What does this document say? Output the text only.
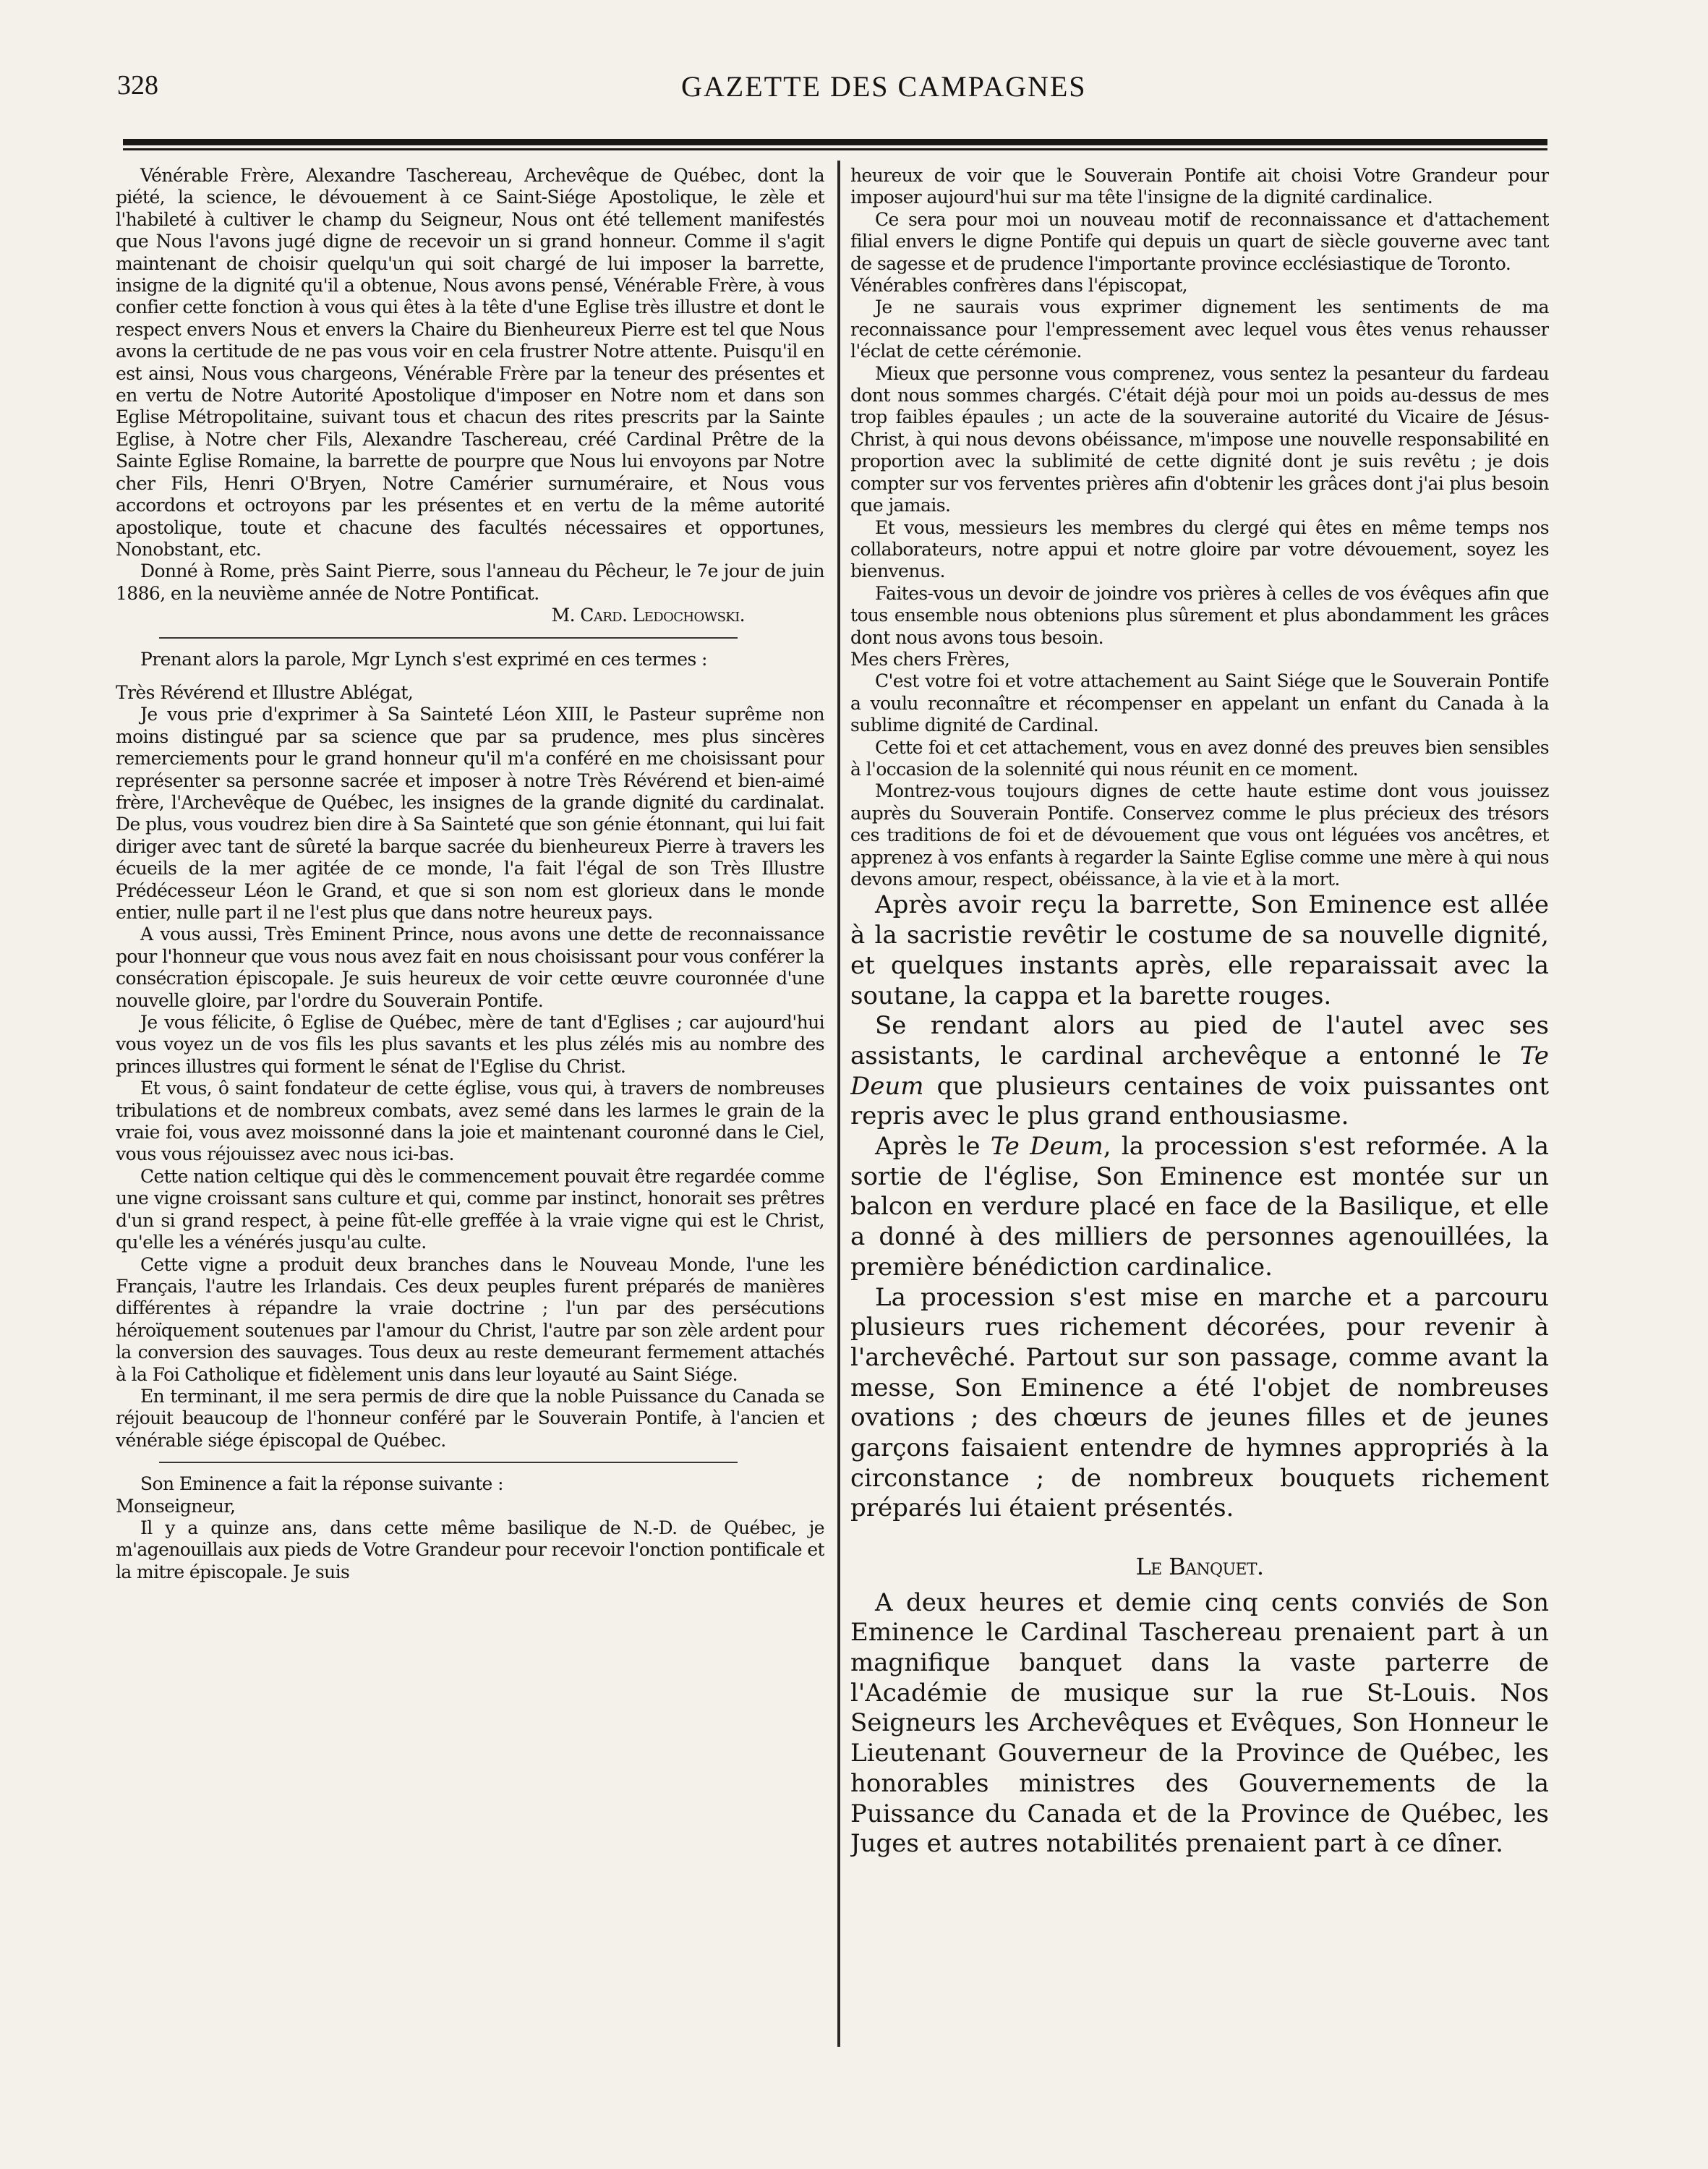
328	GAZETTE DES CAMPAGNES

Vénérable Frère, Alexandre Taschereau, Archevêque de Québec, dont la piété, la science, le dévouement à ce Saint-Siége Apostolique, le zèle et l'habileté à cultiver le champ du Seigneur, Nous ont été tellement manifestés que Nous l'avons jugé digne de recevoir un si grand honneur. Comme il s'agit maintenant de choisir quelqu'un qui soit chargé de lui imposer la barrette, insigne de la dignité qu'il a obtenue, Nous avons pensé, Vénérable Frère, à vous confier cette fonction à vous qui êtes à la tête d'une Eglise très illustre et dont le respect envers Nous et envers la Chaire du Bienheureux Pierre est tel que Nous avons la certitude de ne pas vous voir en cela frustrer Notre attente. Puisqu'il en est ainsi, Nous vous chargeons, Vénérable Frère par la teneur des présentes et en vertu de Notre Autorité Apostolique d'imposer en Notre nom et dans son Eglise Métropolitaine, suivant tous et chacun des rites prescrits par la Sainte Eglise, à Notre cher Fils, Alexandre Taschereau, créé Cardinal Prêtre de la Sainte Eglise Romaine, la barrette de pourpre que Nous lui envoyons par Notre cher Fils, Henri O'Bryen, Notre Camérier surnuméraire, et Nous vous accordons et octroyons par les présentes et en vertu de la même autorité apostolique, toute et chacune des facultés nécessaires et opportunes, Nonobstant, etc.

Donné à Rome, près Saint Pierre, sous l'anneau du Pêcheur, le 7e jour de juin 1886, en la neuvième année de Notre Pontificat.

M. Card. Ledochowski.

Prenant alors la parole, Mgr Lynch s'est exprimé en ces termes :

Très Révérend et Illustre Ablégat,

Je vous prie d'exprimer à Sa Sainteté Léon XIII, le Pasteur suprême non moins distingué par sa science que par sa prudence, mes plus sincères remerciements pour le grand honneur qu'il m'a conféré en me choisissant pour représenter sa personne sacrée et imposer à notre Très Révérend et bien-aimé frère, l'Archevêque de Québec, les insignes de la grande dignité du cardinalat. De plus, vous voudrez bien dire à Sa Sainteté que son génie étonnant, qui lui fait diriger avec tant de sûreté la barque sacrée du bienheureux Pierre à travers les écueils de la mer agitée de ce monde, l'a fait l'égal de son Très Illustre Prédécesseur Léon le Grand, et que si son nom est glorieux dans le monde entier, nulle part il ne l'est plus que dans notre heureux pays.

A vous aussi, Très Eminent Prince, nous avons une dette de reconnaissance pour l'honneur que vous nous avez fait en nous choisissant pour vous conférer la consécration épiscopale. Je suis heureux de voir cette œuvre couronnée d'une nouvelle gloire, par l'ordre du Souverain Pontife.

Je vous félicite, ô Eglise de Québec, mère de tant d'Eglises ; car aujourd'hui vous voyez un de vos fils les plus savants et les plus zélés mis au nombre des princes illustres qui forment le sénat de l'Eglise du Christ.

Et vous, ô saint fondateur de cette église, vous qui, à travers de nombreuses tribulations et de nombreux combats, avez semé dans les larmes le grain de la vraie foi, vous avez moissonné dans la joie et maintenant couronné dans le Ciel, vous vous réjouissez avec nous ici-bas.

Cette nation celtique qui dès le commencement pouvait être regardée comme une vigne croissant sans culture et qui, comme par instinct, honorait ses prêtres d'un si grand respect, à peine fût-elle greffée à la vraie vigne qui est le Christ, qu'elle les a vénérés jusqu'au culte.

Cette vigne a produit deux branches dans le Nouveau Monde, l'une les Français, l'autre les Irlandais. Ces deux peuples furent préparés de manières différentes à répandre la vraie doctrine ; l'un par des persécutions héroïquement soutenues par l'amour du Christ, l'autre par son zèle ardent pour la conversion des sauvages. Tous deux au reste demeurant fermement attachés à la Foi Catholique et fidèlement unis dans leur loyauté au Saint Siége.

En terminant, il me sera permis de dire que la noble Puissance du Canada se réjouit beaucoup de l'honneur conféré par le Souverain Pontife, à l'ancien et vénérable siége épiscopal de Québec.

Son Eminence a fait la réponse suivante :

Monseigneur,

Il y a quinze ans, dans cette même basilique de N.-D. de Québec, je m'agenouillais aux pieds de Votre Grandeur pour recevoir l'onction pontificale et la mitre épiscopale. Je suis

heureux de voir que le Souverain Pontife ait choisi Votre Grandeur pour imposer aujourd'hui sur ma tête l'insigne de la dignité cardinalice.

Ce sera pour moi un nouveau motif de reconnaissance et d'attachement filial envers le digne Pontife qui depuis un quart de siècle gouverne avec tant de sagesse et de prudence l'importante province ecclésiastique de Toronto.

Vénérables confrères dans l'épiscopat,

Je ne saurais vous exprimer dignement les sentiments de ma reconnaissance pour l'empressement avec lequel vous êtes venus rehausser l'éclat de cette cérémonie.

Mieux que personne vous comprenez, vous sentez la pesanteur du fardeau dont nous sommes chargés. C'était déjà pour moi un poids au-dessus de mes trop faibles épaules ; un acte de la souveraine autorité du Vicaire de Jésus-Christ, à qui nous devons obéissance, m'impose une nouvelle responsabilité en proportion avec la sublimité de cette dignité dont je suis revêtu ; je dois compter sur vos ferventes prières afin d'obtenir les grâces dont j'ai plus besoin que jamais.

Et vous, messieurs les membres du clergé qui êtes en même temps nos collaborateurs, notre appui et notre gloire par votre dévouement, soyez les bienvenus.

Faites-vous un devoir de joindre vos prières à celles de vos évêques afin que tous ensemble nous obtenions plus sûrement et plus abondamment les grâces dont nous avons tous besoin.

Mes chers Frères,

C'est votre foi et votre attachement au Saint Siége que le Souverain Pontife a voulu reconnaître et récompenser en appelant un enfant du Canada à la sublime dignité de Cardinal.

Cette foi et cet attachement, vous en avez donné des preuves bien sensibles à l'occasion de la solennité qui nous réunit en ce moment.

Montrez-vous toujours dignes de cette haute estime dont vous jouissez auprès du Souverain Pontife. Conservez comme le plus précieux des trésors ces traditions de foi et de dévouement que vous ont léguées vos ancêtres, et apprenez à vos enfants à regarder la Sainte Eglise comme une mère à qui nous devons amour, respect, obéissance, à la vie et à la mort.

Après avoir reçu la barrette, Son Eminence est allée à la sacristie revêtir le costume de sa nouvelle dignité, et quelques instants après, elle reparaissait avec la soutane, la cappa et la barette rouges.

Se rendant alors au pied de l'autel avec ses assistants, le cardinal archevêque a entonné le Te Deum que plusieurs centaines de voix puissantes ont repris avec le plus grand enthousiasme.

Après le Te Deum, la procession s'est reformée. A la sortie de l'église, Son Eminence est montée sur un balcon en verdure placé en face de la Basilique, et elle a donné à des milliers de personnes agenouillées, la première bénédiction cardinalice.

La procession s'est mise en marche et a parcouru plusieurs rues richement décorées, pour revenir à l'archevêché. Partout sur son passage, comme avant la messe, Son Eminence a été l'objet de nombreuses ovations ; des chœurs de jeunes filles et de jeunes garçons faisaient entendre de hymnes appropriés à la circonstance ; de nombreux bouquets richement préparés lui étaient présentés.

Le Banquet.

A deux heures et demie cinq cents conviés de Son Eminence le Cardinal Taschereau prenaient part à un magnifique banquet dans la vaste parterre de l'Académie de musique sur la rue St-Louis. Nos Seigneurs les Archevêques et Evêques, Son Honneur le Lieutenant Gouverneur de la Province de Québec, les honorables ministres des Gouvernements de la Puissance du Canada et de la Province de Québec, les Juges et autres notabilités prenaient part à ce dîner.
